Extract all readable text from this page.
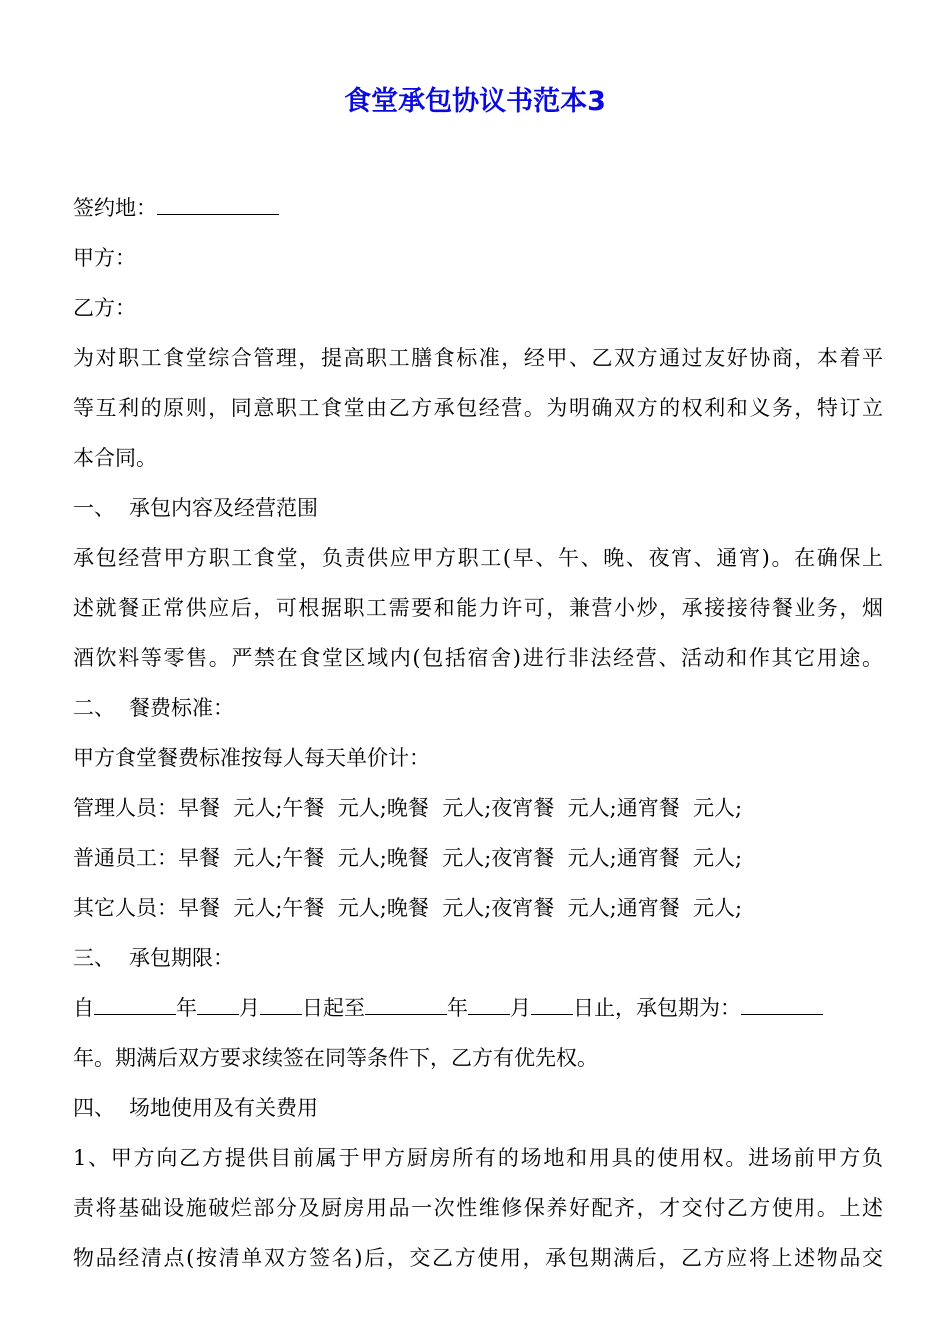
食堂承包协议书范本3
签约地：
甲方：
乙方：
为对职工食堂综合管理，提高职工膳食标准，经甲、乙双方通过友好协商，本着平
等互利的原则，同意职工食堂由乙方承包经营。为明确双方的权利和义务，特订立
本合同。
一、 承包内容及经营范围
承包经营甲方职工食堂，负责供应甲方职工(早、午、晚、夜宵、通宵)。在确保上
述就餐正常供应后，可根据职工需要和能力许可，兼营小炒，承接接待餐业务，烟
酒饮料等零售。严禁在食堂区域内(包括宿舍)进行非法经营、活动和作其它用途。
二、 餐费标准：
甲方食堂餐费标准按每人每天单价计：
管理人员：早餐  元人;午餐  元人;晚餐  元人;夜宵餐  元人;通宵餐  元人;
普通员工：早餐  元人;午餐  元人;晚餐  元人;夜宵餐  元人;通宵餐  元人;
其它人员：早餐  元人;午餐  元人;晚餐  元人;夜宵餐  元人;通宵餐  元人;
三、 承包期限：
自	年 月 日起至	年 月 日止，承包期为：
年。期满后双方要求续签在同等条件下，乙方有优先权。
四、 场地使用及有关费用
1、甲方向乙方提供目前属于甲方厨房所有的场地和用具的使用权。进场前甲方负
责将基础设施破烂部分及厨房用品一次性维修保养好配齐，才交付乙方使用。上述
物品经清点(按清单双方签名)后，交乙方使用，承包期满后，乙方应将上述物品交
